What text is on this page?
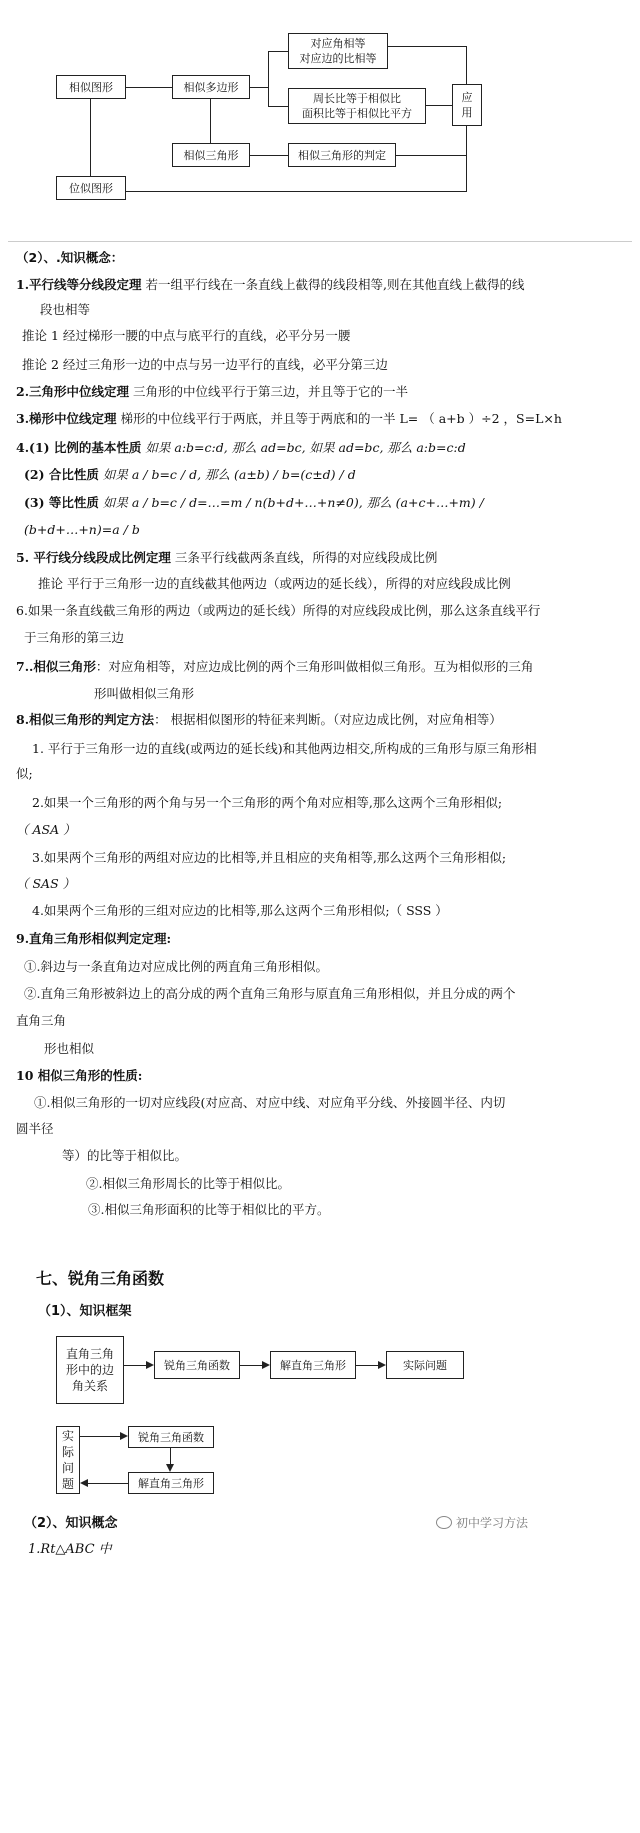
相似图形	相似多边形
对应角相等
对应边的比相等
周长比等于相似比
面积比等于相似比平方
应
用
相似三角形	相似三角形的判定
位似图形
（2）、.知识概念：
1.平行线等分线段定理 若一组平行线在一条直线上截得的线段相等,则在其他直线上截得的线
段也相等
推论 1 经过梯形一腰的中点与底平行的直线，必平分另一腰
推论 2 经过三角形一边的中点与另一边平行的直线，必平分第三边
2.三角形中位线定理 三角形的中位线平行于第三边，并且等于它的一半
3.梯形中位线定理 梯形的中位线平行于两底，并且等于两底和的一半 L= （ a+b ）÷2 ，S=L×h
4.(1) 比例的基本性质 如果 a:b=c:d, 那么 ad=bc, 如果 ad=bc, 那么 a:b=c:d
(2) 合比性质 如果 a / b=c / d, 那么 (a±b) / b=(c±d) / d
(3) 等比性质 如果 a / b=c / d=…=m / n(b+d+…+n≠0), 那么 (a+c+…+m) /
(b+d+…+n)=a / b
5. 平行线分线段成比例定理 三条平行线截两条直线，所得的对应线段成比例
推论 平行于三角形一边的直线截其他两边（或两边的延长线），所得的对应线段成比例
6.如果一条直线截三角形的两边（或两边的延长线）所得的对应线段成比例，那么这条直线平行
于三角形的第三边
7..相似三角形：对应角相等，对应边成比例的两个三角形叫做相似三角形。互为相似形的三角
形叫做相似三角形
8.相似三角形的判定方法： 根据相似图形的特征来判断。（对应边成比例，对应角相等）
1. 平行于三角形一边的直线(或两边的延长线)和其他两边相交,所构成的三角形与原三角形相
似;
2.如果一个三角形的两个角与另一个三角形的两个角对应相等,那么这两个三角形相似;
（ ASA ）
3.如果两个三角形的两组对应边的比相等,并且相应的夹角相等,那么这两个三角形相似;
（ SAS ）
4.如果两个三角形的三组对应边的比相等,那么这两个三角形相似;（ SSS ）
9.直角三角形相似判定定理:
①.斜边与一条直角边对应成比例的两直角三角形相似。
②.直角三角形被斜边上的高分成的两个直角三角形与原直角三角形相似，并且分成的两个
直角三角
形也相似
10 相似三角形的性质:
①.相似三角形的一切对应线段(对应高、对应中线、对应角平分线、外接圆半径、内切
圆半径
等）的比等于相似比。
②.相似三角形周长的比等于相似比。
③.相似三角形面积的比等于相似比的平方。
七、锐角三角函数
（1）、知识框架
直角三角
形中的边
角关系
锐角三角函数	解直角三角形	实际问题
实
际
问
题
锐角三角函数
解直角三角形
（2）、知识概念
1.Rt△ABC 中
初中学习方法
